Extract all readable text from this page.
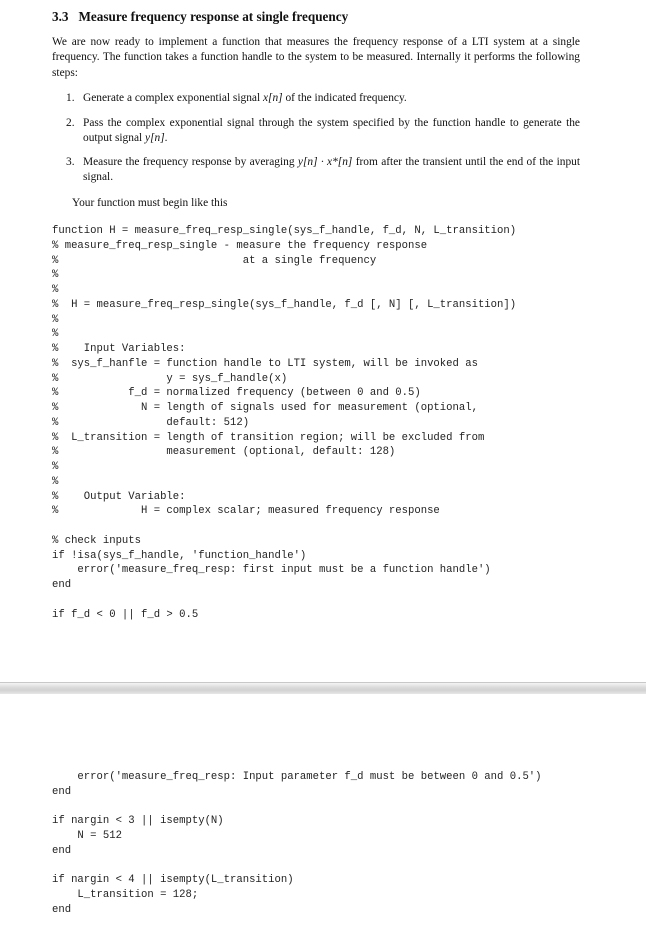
3.3 Measure frequency response at single frequency
We are now ready to implement a function that measures the frequency response of a LTI system at a single frequency. The function takes a function handle to the system to be measured. Internally it performs the following steps:
1. Generate a complex exponential signal x[n] of the indicated frequency.
2. Pass the complex exponential signal through the system specified by the function handle to generate the output signal y[n].
3. Measure the frequency response by averaging y[n] · x*[n] from after the transient until the end of the input signal.
Your function must begin like this
function H = measure_freq_resp_single(sys_f_handle, f_d, N, L_transition)
% measure_freq_resp_single - measure the frequency response
%                             at a single frequency
%
%
%  H = measure_freq_resp_single(sys_f_handle, f_d [, N] [, L_transition])
%
%
%    Input Variables:
%  sys_f_hanfle = function handle to LTI system, will be invoked as
%                 y = sys_f_handle(x)
%           f_d = normalized frequency (between 0 and 0.5)
%             N = length of signals used for measurement (optional,
%                 default: 512)
%  L_transition = length of transition region; will be excluded from
%                 measurement (optional, default: 128)
%
%
%    Output Variable:
%             H = complex scalar; measured frequency response

% check inputs
if !isa(sys_f_handle, 'function_handle')
error('measure_freq_resp: first input must be a function handle')
end

if f_d < 0 || f_d > 0.5
error('measure_freq_resp: Input parameter f_d must be between 0 and 0.5')
end

if nargin < 3 || isempty(N)
N = 512
end

if nargin < 4 || isempty(L_transition)
L_transition = 128;
end
